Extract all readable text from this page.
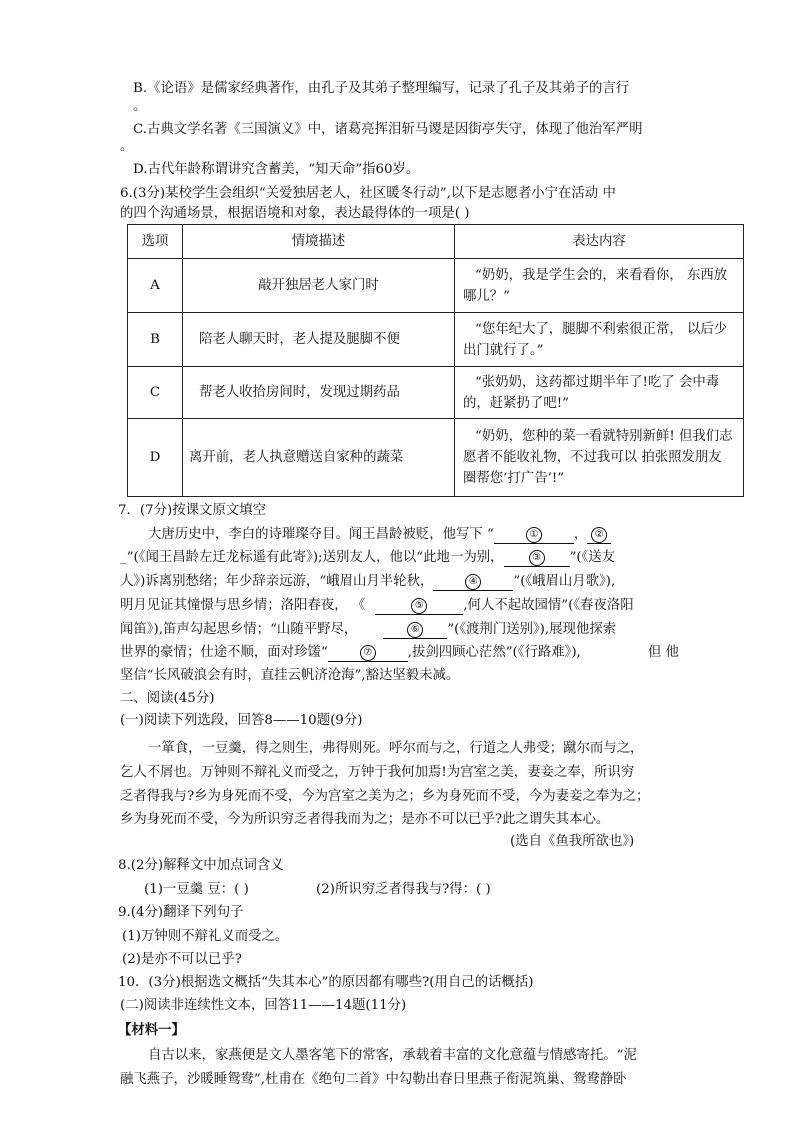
B.《论语》是儒家经典著作，由孔子及其弟子整理编写，记录了孔子及其弟子的言行
。
C.古典文学名著《三国演义》中，诸葛亮挥泪斩马谡是因街亭失守，体现了他治军严明
。
D.古代年龄称谓讲究含蓄美，“知天命”指60岁。
6.(3分)某校学生会组织“关爱独居老人，社区暖冬行动”,以下是志愿者小宁在活动 中
的四个沟通场景，根据语境和对象，表达最得体的一项是( )
选项	情境描述	表达内容
A	敲开独居老人家门时	“奶奶，我是学生会的，来看看你， 东西放哪儿？”
B	陪老人聊天时，老人提及腿脚不便	“您年纪大了，腿脚不利索很正常， 以后少出门就行了。”
C	帮老人收拾房间时，发现过期药品	“张奶奶，这药都过期半年了!吃了 会中毒的，赶紧扔了吧!”
D	离开前，老人执意赠送自家种的蔬菜	“奶奶，您种的菜一看就特别新鲜! 但我们志愿者不能收礼物，不过我可以 拍张照发朋友圈帮您‘打广告’!”
7．(7分)按课文原文填空
大唐历史中，李白的诗璀璨夺目。闻王昌龄被贬，他写下 “	①	， ②
_”(《闻王昌龄左迁龙标遥有此寄》);送别友人，他以“此地一为别，	③ ”(《送友
人》)诉离别愁绪；年少辞亲远游，“峨眉山月半轮秋，	④	”(《峨眉山月歌》),
明月见证其憧憬与思乡情；洛阳春夜， 《	⑤	,何人不起故园情”(《春夜洛阳
闻笛》),笛声勾起思乡情；“山随平野尽，	⑥ ”(《渡荆门送别》),展现他探索
世界的豪情；仕途不顺，面对珍馐“	⑦	,拔剑四顾心茫然”(《行路难》),
坚信“长风破浪会有时，直挂云帆济沧海”,豁达坚毅未减。
但 他
二、阅读(45分)
(一)阅读下列选段，回答8——10题(9分)
一箪食，一豆羹，得之则生，弗得则死。呼尔而与之，行道之人弗受；蹴尔而与之，
乞人不屑也。万钟则不辩礼义而受之，万钟于我何加焉!为宫室之美，妻妾之奉，所识穷
乏者得我与?乡为身死而不受，今为宫室之美为之；乡为身死而不受，今为妻妾之奉为之；
乡为身死而不受，今为所识穷乏者得我而为之；是亦不可以已乎?此之谓失其本心。
(选自《鱼我所欲也》)
8.(2分)解释文中加点词含义
(1)一豆羹 豆：( )	(2)所识穷乏者得我与?得：( )
9.(4分)翻译下列句子
(1)万钟则不辩礼义而受之。
(2)是亦不可以已乎?
10．(3分)根据选文概括“失其本心”的原因都有哪些?(用自己的话概括)
(二)阅读非连续性文本，回答11——14题(11分)
【材料一】
自古以来，家燕便是文人墨客笔下的常客，承载着丰富的文化意蕴与情感寄托。“泥
融飞燕子，沙暖睡鸳鸯”,杜甫在《绝句二首》中勾勒出春日里燕子衔泥筑巢、鸳鸯静卧
